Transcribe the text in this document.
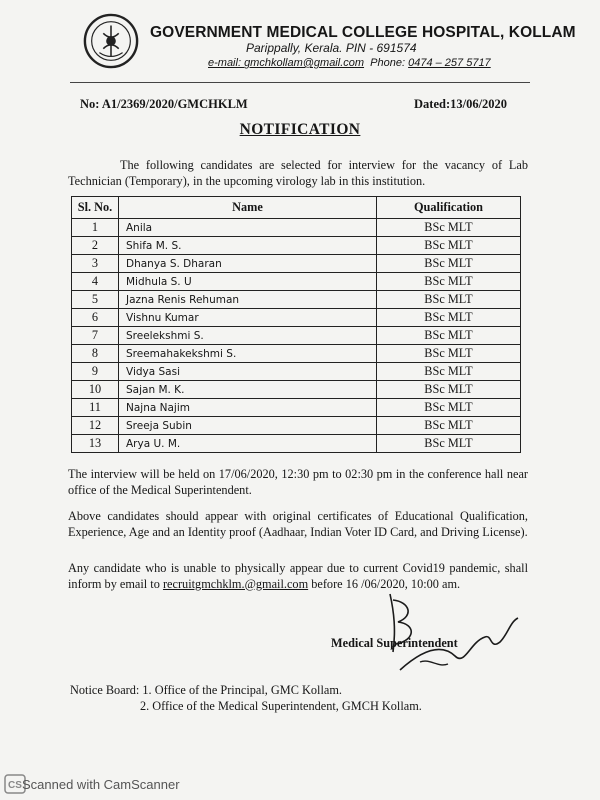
GOVERNMENT MEDICAL COLLEGE HOSPITAL, KOLLAM
Parippally, Kerala. PIN - 691574
e-mail: gmchkollam@gmail.com Phone: 0474 – 257 5717
No: A1/2369/2020/GMCHKLM	Dated:13/06/2020
NOTIFICATION
The following candidates are selected for interview for the vacancy of Lab Technician (Temporary), in the upcoming virology lab in this institution.
Sl. No.	Name	Qualification
1	Anila	BSc MLT
2	Shifa M. S.	BSc MLT
3	Dhanya S. Dharan	BSc MLT
4	Midhula S. U	BSc MLT
5	Jazna Renis Rehuman	BSc MLT
6	Vishnu Kumar	BSc MLT
7	Sreelekshmi S.	BSc MLT
8	Sreemahakekshmi S.	BSc MLT
9	Vidya Sasi	BSc MLT
10	Sajan M. K.	BSc MLT
11	Najna Najim	BSc MLT
12	Sreeja Subin	BSc MLT
13	Arya U. M.	BSc MLT
The interview will be held on 17/06/2020, 12:30 pm to 02:30 pm in the conference hall near office of the Medical Superintendent.
Above candidates should appear with original certificates of Educational Qualification, Experience, Age and an Identity proof (Aadhaar, Indian Voter ID Card, and Driving License).
Any candidate who is unable to physically appear due to current Covid19 pandemic, shall inform by email to recruitgmchklm.@gmail.com before 16 /06/2020, 10:00 am.
Medical Superintendent
Notice Board: 1. Office of the Principal, GMC Kollam.
2. Office of the Medical Superintendent, GMCH Kollam.
CS Scanned with CamScanner
